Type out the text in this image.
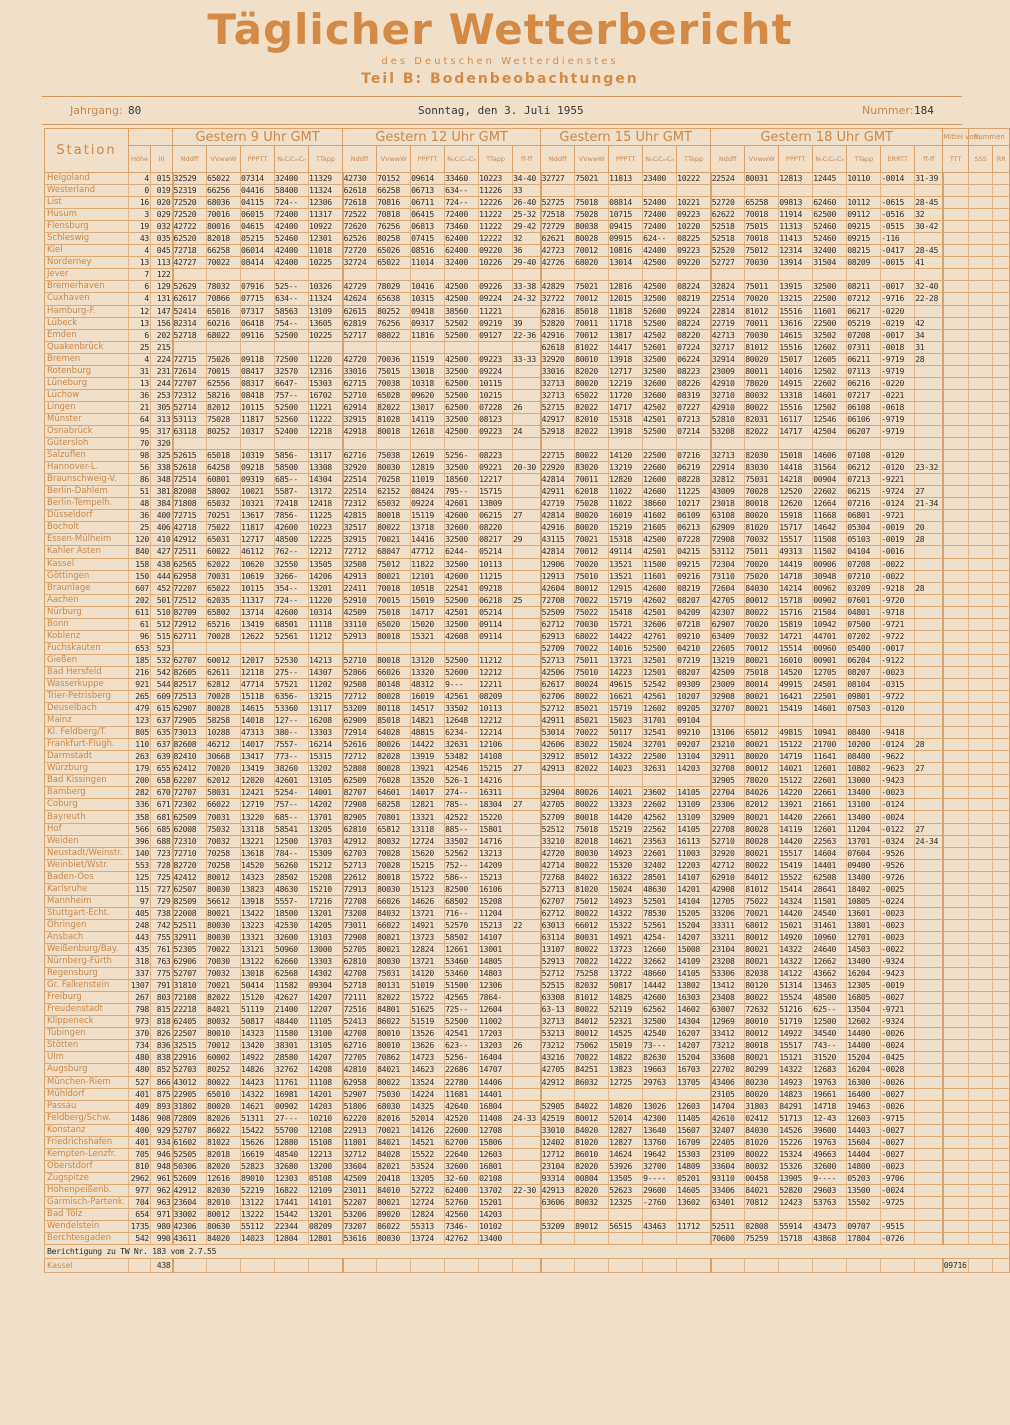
Täglicher Wetterbericht
des Deutschen Wetterdienstes
Teil B: Bodenbeobachtungen
Jahrgang: 80	Sonntag, den 3. Juli 1955	Nummer: 184
Station			Gestern 9 Uhr GMT					Gestern 12 Uhr GMT						Gestern 15 Uhr GMT					Gestern 18 Uhr GMT							Mittel vom	Summen	
	Höhe	III	Nddff	VVwwW	PPPTT	NₕCₗCₘCₕ	TTapp	Nddff	VVwwW	PPPTT	NₕCₗCₘCₕ	TTapp	ff-ff	Nddff	VVwwW	PPPTT	NₕCₗCₘCₕ	TTapp	Nddff	VVwwW	PPPTT	NₕCₗCₘCₕ	TTapp	ERRTT	ff-ff	TTT	SSS	RR
Helgoland	4	015	32529	65022	07314	32400	11329	42730	70152	09614	33460	10223	34-40	32727	75021	11813	23400	10222	22524	80031	12813	12445	10110	-0014	31-39			
Westerland	0	019	52319	66256	04416	58400	11324	62618	66258	06713	634--	11226	33															
List	16	020	72520	68036	04115	724--	12306	72618	70816	06711	724--	12226	26-40	52725	75018	08814	52400	10221	52720	65258	09813	62460	10112	-0615	28-45			
Husum	3	029	72520	70016	06015	72400	11317	72522	70818	06415	72400	11222	25-32	72518	75028	10715	72400	09223	62622	70018	11914	62500	09112	-0516	32			
Flensburg	19	032	42722	80016	04615	42400	10922	72620	76256	06813	73460	11222	29-42	72729	80038	09415	72400	10220	52518	75015	11313	52460	09215	-0515	30-42			
Schleswig	43	035	62520	82018	05215	52460	12301	62526	80258	07415	62400	12222	32	62621	80028	09915	624--	08225	52518	70018	11413	52460	09215	-116				
Kiel	4	045	72718	66258	06014	42400	11018	72720	65026	08516	62400	09220	36	42723	70012	10816	42400	09223	52520	75012	12314	32400	08215	-0417	28-45			
Norderney	13	113	42727	70022	08414	42400	10225	32724	65022	11014	32400	10226	29-40	42726	68020	13014	42500	09220	52727	70030	13914	31504	08209	-0015	41			
Jever	7	122																										
Bremerhaven	6	129	52629	78032	07916	525--	10326	42729	78029	10416	42500	09226	33-38	42829	75021	12816	42500	08224	32824	75011	13915	32500	08211	-0017	32-40			
Cuxhaven	4	131	62617	70866	07715	634--	11324	42624	65638	10315	42500	09224	24-32	32722	70012	12015	32500	08219	22514	70020	13215	22500	07212	-9716	22-28			
Hamburg-F.	12	147	52414	65016	07317	58563	13109	62615	80252	09418	38560	11221		62816	85018	11818	52600	09224	22814	81012	15516	11601	06217	-0220				
Lübeck	13	156	82314	60216	06418	754--	13605	62819	76256	09317	52502	09219	39	52820	70011	11718	52500	08224	22719	70011	13616	22500	05219	-0219	42			
Emden	6	202	52718	68022	09116	52500	10225	52717	08022	11816	52500	09127	22-36	42916	70012	13817	42502	08220	42713	70030	14615	32502	07208	-0017	34			
Quakenbrück	25	215												62618	81022	14417	52601	07224	32717	81012	15516	12602	07311	-0018	31			
Bremen	4	224	72715	75026	09118	72500	11220	42720	70036	11519	42500	09223	33-33	32920	80010	13918	32500	06224	32914	80020	15017	12605	06211	-9719	28			
Rotenburg	31	231	72614	70015	08417	32570	12316	33016	75015	13018	32500	09224		33016	82020	12717	32500	08223	23009	80011	14016	12502	07113	-9719				
Lüneburg	13	244	72707	62556	08317	6647-	15303	62715	70038	10318	62500	10115		32713	80020	12219	32600	08226	42910	78020	14915	22602	06216	-0220				
Lüchow	36	253	72312	58216	08418	757--	16702	52710	65028	09620	52500	10215		32713	65022	11720	32600	08319	32710	80032	13318	14601	07217	-0221				
Lingen	21	305	52714	82012	10115	52500	11221	62914	82022	13017	62500	07228	26	52715	82022	14717	42502	07227	42910	80022	15516	12502	06108	-0618				
Münster	64	313	53113	75028	11817	52560	11222	32915	81028	14119	32500	08123		42917	82010	15318	42501	07213	52810	82031	16117	12546	06106	-9719				
Osnabrück	95	317	63118	80252	10317	52400	12218	42918	80018	12618	42500	09223	24	52918	82022	13918	52500	07214	53208	82022	14717	42504	06207	-9719				
Gütersloh	70	320																										
Salzuflen	98	325	52615	65018	10319	5856-	13117	62716	75038	12619	5256-	08223		22715	80022	14120	22500	07216	32713	82030	15018	14606	07108	-0120				
Hannover-L.	56	338	52618	64258	09218	58500	13308	32920	80030	12819	32500	09221	20-30	22920	83020	13219	22600	06219	22914	83030	14418	31564	06212	-0120	23-32			
Braunschweig-V.	86	348	72514	60801	09319	685--	14304	22514	70258	11019	18560	12217		42814	70011	12820	12600	08228	32812	75031	14218	00904	07213	-9221				
Berlin-Dahlem	51	381	82008	58002	10021	5587-	13172	22514	62152	08424	795--	15715		42911	62018	11022	42600	11225	43009	70028	12520	22602	06215	-9724	27			
Berlin-Tempelh.	48	384	71808	65032	10321	72418	12418	72312	65032	09224	42601	13809		42719	75028	11022	38660	10217	23018	80018	12620	12664	07216	-0124	21-34			
Düsseldorf	36	400	72715	70251	13617	7856-	11225	42815	80018	15119	42600	06215	27	42814	80020	16019	41602	06109	63108	80020	15918	11668	06801	-9721				
Bocholt	25	406	42718	75022	11817	42600	10223	32517	80022	13718	32600	08220		42916	80020	15219	21605	06213	62909	81020	15717	14642	05304	-0019	20			
Essen-Mülheim	120	410	42912	65031	12717	48500	12225	32915	70021	14416	32500	08217	29	43115	70021	15318	42500	07228	72908	70032	15517	11508	05103	-0019	28			
Kahler Asten	840	427	72511	60022	46112	762--	12212	72712	68047	47712	6244-	05214		42814	70012	49114	42501	04215	53112	75011	49313	11502	04104	-0016				
Kassel	158	438	62565	62022	10620	32550	13505	32508	75012	11822	32500	10113		12906	70020	13521	11500	09215	72304	70020	14419	00906	07208	-0022				
Göttingen	150	444	62958	70031	10619	3266-	14206	42913	80021	12101	42600	11215		12913	75010	13521	11601	09216	73110	75020	14718	30948	07210	-0022				
Braunlage	607	452	72207	65022	10115	354--	13201	22411	70018	10518	22541	09218		42604	80012	12915	42600	08219	72604	84030	14214	00962	03209	-9218	28			
Aachen	202	501	72512	62035	11317	724--	11220	52910	70015	15019	52500	06218	25	72708	70022	15719	42602	08207	42705	80012	15718	00902	07601	-9720				
Nürburg	611	510	82709	65802	13714	42600	10314	42509	75018	14717	42501	05214		52509	75022	15418	42501	04209	42307	80022	15716	21504	04801	-9718				
Bonn	61	512	72912	65216	13419	68501	11118	33110	65020	15020	32500	09114		62712	70030	15721	32606	07218	62907	70020	15819	10942	07500	-9721				
Koblenz	96	515	62711	70028	12622	52561	11212	52913	80018	15321	42608	09114		62913	68022	14422	42761	09210	63409	70032	14721	44701	07202	-9722				
Fuchskauten	653	523												52709	70022	14016	52500	04210	22605	70012	15514	00960	05400	-0017				
Gießen	185	532	62707	60012	12017	52530	14213	52710	80018	13120	52500	11212		52713	75011	13721	32501	07219	13219	80021	16010	00901	06204	-9122				
Bad Hersfeld	216	542	82605	62611	12118	275--	14307	52866	66026	13320	52600	12212		42506	75010	14223	12501	08207	42509	75018	14520	12705	08207	-0023				
Wasserkuppe	921	544	82517	62812	47714	57521	11202	92508	80148	48312	9---	12211		62617	80024	49615	52542	09309	23009	80014	49915	24501	08104	-0315				
Trier-Petrisberg	265	609	72513	70028	15118	6356-	13215	72712	80028	16019	42561	08209		62706	80022	16621	42561	10207	32908	80021	16421	22501	09801	-9722				
Deuselbach	479	615	62907	80028	14615	53360	13117	53209	80118	14517	33502	10113		52712	85021	15719	12602	09205	32707	80021	15419	14601	07503	-0120				
Mainz	123	637	72905	58258	14018	127--	16208	62909	85018	14821	12648	12212		42911	85021	15023	31701	09104										
Kl. Feldberg/T.	805	635	73013	10288	47313	380--	13303	72914	64028	48815	6234-	12214		53014	70022	50117	32541	09210	13106	65012	49815	10941	08400	-9418				
Frankfurt-Flugh.	110	637	82608	46212	14017	7557-	16214	52616	80026	14422	32631	12106		42606	83022	15024	32701	09207	23210	80021	15122	21700	10200	-0124	28			
Darmstadt	263	639	82410	30668	13417	773--	15315	72712	82028	13919	53482	14108		32912	85012	14322	22500	13104	32911	80020	14719	11641	08400	-9622				
Würzburg	179	655	62412	70020	13419	38260	13202	52808	80028	13921	42546	15215	27	42913	82022	14023	32631	14203	32708	80012	14021	12601	10802	-9623	27			
Bad Kissingen	200	658	62207	62012	12020	42601	13105	62509	76028	13520	526-1	14216							32905	78020	15122	22601	13000	-9423				
Bamberg	282	670	72707	58031	12421	5254-	14001	82707	64601	14017	274--	16311		32904	80026	14021	23602	14105	22704	84026	14220	22661	13400	-0023				
Coburg	336	671	72302	66022	12719	757--	14202	72908	68258	12821	785--	18304	27	42705	80022	13323	22602	13109	23306	82012	13921	21661	13100	-0124				
Bayreuth	358	681	62509	70031	13220	685--	13701	82905	70801	13321	42522	15220		52709	80018	14420	42562	13109	32909	80021	14420	22661	13400	-0024				
Hof	566	685	62008	75032	13118	58541	13205	62810	65812	13118	885--	15801		52512	75018	15219	22562	14105	22708	80028	14119	12601	11204	-0122	27			
Weiden	396	688	72310	70032	13221	12500	13703	42912	80032	12724	33502	14716		33210	82018	14621	23563	16113	52710	80028	14420	22563	13701	-0324	24-34			
Neustadt/Weinstr.	140	723	72710	70258	13618	784--	15309	62703	70028	15620	52562	13213		42720	80030	14923	22601	11003	32920	80021	15517	14604	07604	-9526				
Weinbiet/Wstr.	553	728	82720	70258	14520	56260	15212	52713	70028	15215	752--	14209		42714	80022	15320	32402	12203	42712	80022	15419	14401	09400	-9526				
Baden-Oos	125	725	42412	80012	14323	28502	15208	22612	80018	15722	586--	15213		72768	84022	16322	28501	14107	62910	84012	15522	62508	13400	-9726				
Karlsruhe	115	727	62507	80030	13823	48630	15210	72913	80030	15123	82500	16106		52713	81020	15024	48630	14201	42908	81012	15414	28641	18402	-0025				
Mannheim	97	729	82509	56612	13918	5557-	17216	72708	66026	14626	68502	15208		62707	75012	14923	52501	14104	12705	75022	14324	11501	10805	-0224				
Stuttgart-Echt.	405	738	22008	80021	13422	18500	13201	73208	84032	13721	716--	11204		62712	80022	14322	78530	15205	33206	70021	14420	24540	13601	-0023				
Öhringen	248	742	52511	80030	13223	42530	14205	73011	66022	14921	52570	15213	22	63013	66012	15322	52561	15204	33311	68012	15021	31461	13801	-0023				
Ansbach	443	755	32911	80030	13321	32600	13103	72908	80021	13723	58502	14107		63114	80031	14921	4254-	14207	33211	80012	14920	10960	12701	-0023				
Weißenburg/Bay.	435	761	52305	70022	13121	50960	13000	52705	80021	12824	12661	13001		13107	80022	13723	12660	15008	23104	80021	14322	24640	14503	-0022				
Nürnberg-Fürth	318	763	62906	70030	13122	62660	13303	62810	80030	13721	53460	14805		52913	70022	14222	32662	14109	23208	80021	14322	12662	13400	-9324				
Regensburg	337	775	52707	70032	13018	62568	14302	42708	75031	14120	53460	14803		52712	75258	13722	48660	14105	53306	82038	14122	43662	16204	-9423				
Gr. Falkenstein	1307	791	31810	70021	50414	11582	09304	52718	80131	51019	51500	12306		52515	82032	50817	14442	13802	13412	80120	51314	13463	12305	-0019				
Freiburg	267	803	72108	82022	15120	42627	14207	72111	82022	15722	42565	7864-		63308	81012	14825	42600	16303	23408	80022	15524	48500	16805	-0027				
Freudenstadt	798	815	22218	84021	51119	21400	12207	72516	84801	51625	725--	12604		63-13	80022	52119	62562	14602	63007	72632	51216	625--	13504	-9721				
Klippeneck	973	818	62405	80032	50817	48440	11105	52413	86022	51519	52500	11002		32713	84012	52321	32500	14304	12969	80010	51719	12500	12602	-9324				
Tübingen	370	826	22507	80010	14323	11580	13100	42708	80010	13526	42541	17203		53213	80012	14525	42540	16207	33412	80012	14922	34540	14400	-0026				
Stötten	734	836	32515	70012	13420	38301	13105	62716	80010	13626	623--	13203	26	73212	75062	15019	73---	14207	73212	80018	15517	743--	14400	-0024				
Ulm	480	838	22916	60002	14922	28580	14207	72705	70862	14723	5256-	16404		43216	70022	14822	82630	15204	33608	80021	15121	31520	15204	-0425				
Augsburg	480	852	52703	80252	14826	32762	14208	42810	84021	14623	22686	14707		42705	84251	13823	19663	16703	22702	80299	14322	12683	16204	-0028				
München-Riem	527	866	43012	80022	14423	11761	11108	62958	80022	13524	22780	14406		42912	86032	12725	29763	13705	43406	80230	14923	19763	16300	-0026				
Mühldorf	401	875	22905	65010	14322	16981	14201	52907	75030	14224	11681	14401							23105	80020	14823	19661	16400	-0027				
Passau	409	893	31802	80020	14621	00902	14203	51806	68030	14325	42640	16804		52905	84022	14820	13026	12603	14704	31803	84291	14718	19463	-0026				
Feldberg/Schw.	1486	908	72809	82026	51311	27---	10210	62220	82016	52014	42520	11408	24-33	42519	80012	52014	42300	11405	42610	02412	51713	12-43	12603	-9715				
Konstanz	400	929	52707	86022	15422	55700	12108	22913	70021	14126	22600	12708		33010	84020	12827	13640	15607	32407	84030	14526	39600	14403	-0027				
Friedrichshafen	401	934	61602	81022	15626	12880	15108	11801	84021	14521	62700	15806		12402	81020	12827	13760	16709	22405	81020	15226	19763	15604	-0027				
Kempten-Lenzfr.	705	946	52505	82018	16619	48540	12213	32712	84028	15522	22640	12603		12712	86010	14624	19642	15303	23109	80022	15324	49663	14404	-0027				
Oberstdorf	810	948	50306	82020	52823	32680	13200	33604	82021	53524	32600	16801		23104	82020	53926	32700	14809	33604	80032	15326	32600	14800	-0023				
Zugspitze	2962	961	52609	12616	89010	12303	05108	42509	20418	13205	32-60	02108		93314	00804	13505	9----	05201	93110	00458	13905	9----	05203	-9706				
Hohenpeißenb.	977	962	42912	82030	52219	16822	12109	23011	84010	52722	62400	13702	22-30	42913	82020	52623	29600	14605	33406	84021	52820	29603	13500	-0024				
Garmisch-Partenk.	704	963	23604	82010	13122	17441	14101	52207	80021	12724	52760	15201		63606	80032	12325	-2760	13602	63401	70812	12423	53763	15502	-9725				
Bad Tölz	654	971	33002	80012	13222	15442	13201	53206	89020	12824	42560	14203																
Wendelstein	1735	980	42306	80630	55112	22344	08209	73207	86022	55313	7346-	10102		53209	89012	56515	43463	11712	52511	82808	55914	43473	09707	-9515				
Berchtesgaden	542	990	43611	84020	14023	12804	12801	53616	80030	13724	42762	13400							70600	75259	15718	43868	17804	-0726				
Berichtigung zu TW Nr. 183 vom 2.7.55																												
Kassel		438																								09716		
